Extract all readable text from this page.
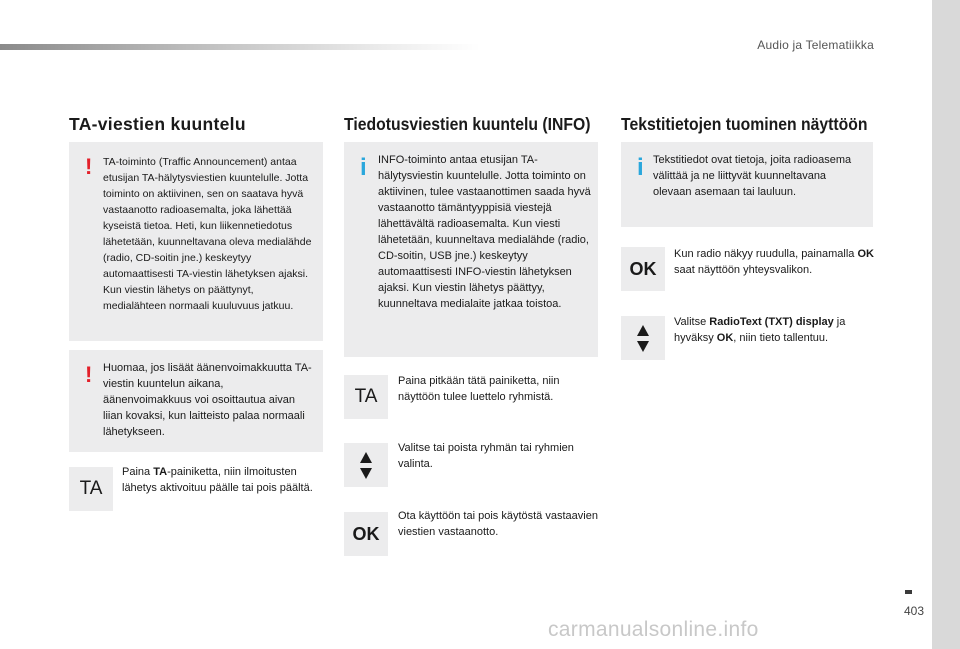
Audio ja Telematiikka
TA-viestien kuuntelu
! TA-toiminto (Traffic Announcement) antaa etusijan TA-hälytysviestien kuuntelulle. Jotta toiminto on aktiivinen, sen on saatava hyvä vastaanotto radioasemalta, joka lähettää kyseistä tietoa. Heti, kun liikennetiedotus lähetetään, kuunneltavana oleva medialähde (radio, CD-soitin jne.) keskeytyy automaattisesti TA-viestin lähetyksen ajaksi. Kun viestin lähetys on päättynyt, medialähteen normaali kuuluvuus jatkuu.
! Huomaa, jos lisäät äänenvoimakkuutta TA-viestin kuuntelun aikana, äänenvoimakkuus voi osoittautua aivan liian kovaksi, kun laitteisto palaa normaali lähetykseen.
TA
Paina TA-painiketta, niin ilmoitusten lähetys aktivoituu päälle tai pois päältä.
Tiedotusviestien kuuntelu (INFO)
i INFO-toiminto antaa etusijan TA-hälytysviestin kuuntelulle. Jotta toiminto on aktiivinen, tulee vastaanottimen saada hyvä vastaanotto tämäntyyppisiä viestejä lähettävältä radioasemalta. Kun viesti lähetetään, kuunneltava medialähde (radio, CD-soitin, USB jne.) keskeytyy automaattisesti INFO-viestin lähetyksen ajaksi. Kun viestin lähetys päättyy, kuunneltava medialaite jatkaa toistoa.
TA
Paina pitkään tätä painiketta, niin näyttöön tulee luettelo ryhmistä.
Valitse tai poista ryhmän tai ryhmien valinta.
OK
Ota käyttöön tai pois käytöstä vastaavien viestien vastaanotto.
Tekstitietojen tuominen näyttöön
i Tekstitiedot ovat tietoja, joita radioasema välittää ja ne liittyvät kuunneltavana olevaan asemaan tai lauluun.
OK
Kun radio näkyy ruudulla, painamalla OK saat näyttöön yhteysvalikon.
Valitse RadioText (TXT) display ja hyväksy OK, niin tieto tallentuu.
403
carmanualsonline.info
